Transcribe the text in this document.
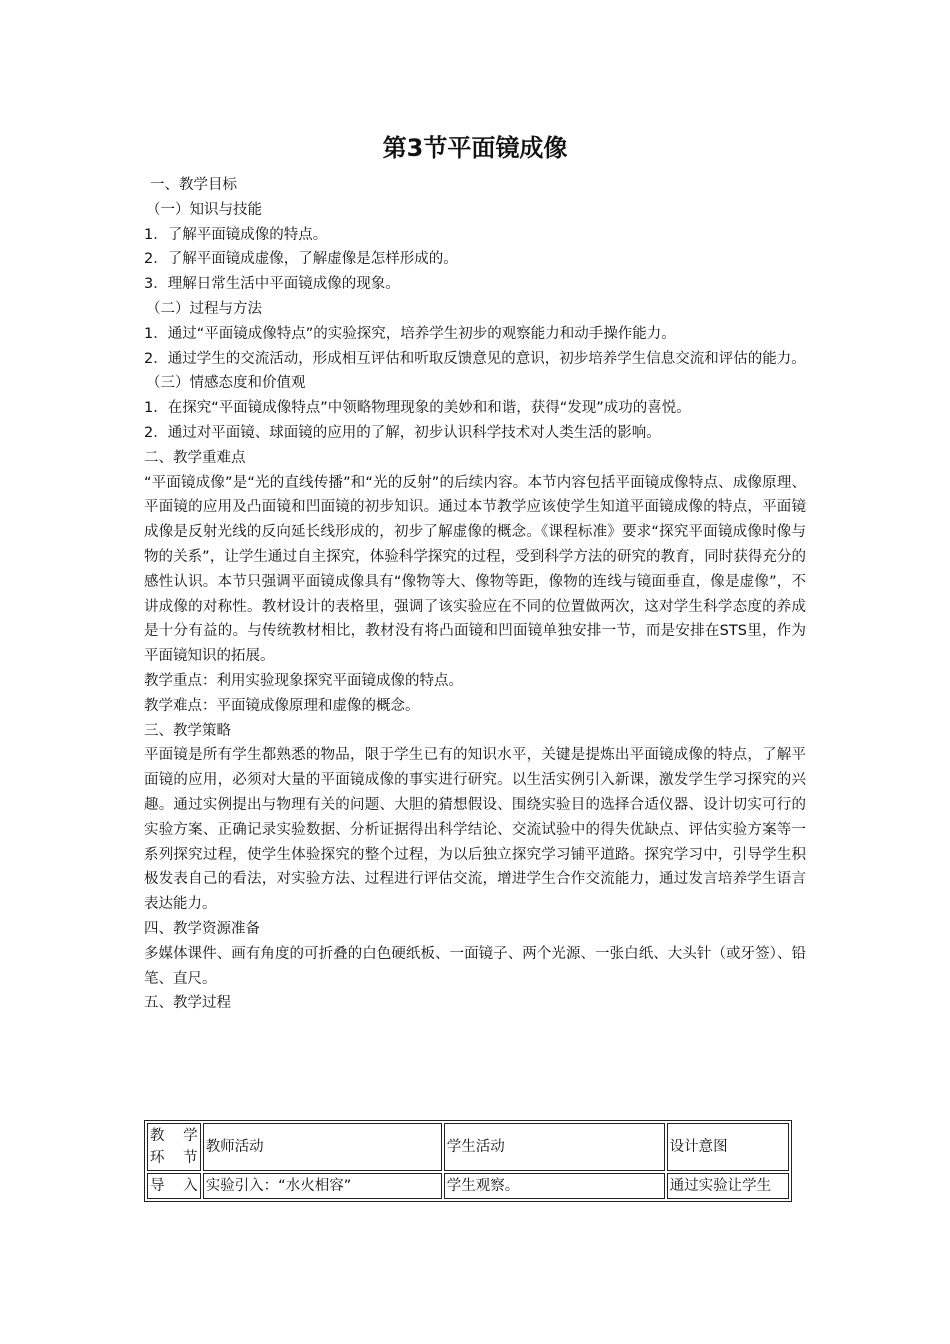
第3节平面镜成像

一、教学目标

（一）知识与技能

1．了解平面镜成像的特点。

2．了解平面镜成虚像，了解虚像是怎样形成的。

3．理解日常生活中平面镜成像的现象。

（二）过程与方法

1．通过“平面镜成像特点”的实验探究，培养学生初步的观察能力和动手操作能力。

2．通过学生的交流活动，形成相互评估和听取反馈意见的意识，初步培养学生信息交流和评估的能力。

（三）情感态度和价值观

1．在探究“平面镜成像特点”中领略物理现象的美妙和和谐，获得“发现”成功的喜悦。

2．通过对平面镜、球面镜的应用的了解，初步认识科学技术对人类生活的影响。

二、教学重难点

“平面镜成像”是“光的直线传播”和“光的反射”的后续内容。本节内容包括平面镜成像特点、成像原理、平面镜的应用及凸面镜和凹面镜的初步知识。通过本节教学应该使学生知道平面镜成像的特点，平面镜成像是反射光线的反向延长线形成的，初步了解虚像的概念。《课程标准》要求“探究平面镜成像时像与物的关系”，让学生通过自主探究，体验科学探究的过程，受到科学方法的研究的教育，同时获得充分的感性认识。本节只强调平面镜成像具有“像物等大、像物等距，像物的连线与镜面垂直，像是虚像”，不讲成像的对称性。教材设计的表格里，强调了该实验应在不同的位置做两次，这对学生科学态度的养成是十分有益的。与传统教材相比，教材没有将凸面镜和凹面镜单独安排一节，而是安排在STS里，作为平面镜知识的拓展。

教学重点：利用实验现象探究平面镜成像的特点。

教学难点：平面镜成像原理和虚像的概念。

三、教学策略

平面镜是所有学生都熟悉的物品，限于学生已有的知识水平，关键是提炼出平面镜成像的特点，了解平面镜的应用，必须对大量的平面镜成像的事实进行研究。以生活实例引入新课，激发学生学习探究的兴趣。通过实例提出与物理有关的问题、大胆的猜想假设、围绕实验目的选择合适仪器、设计切实可行的实验方案、正确记录实验数据、分析证据得出科学结论、交流试验中的得失优缺点、评估实验方案等一系列探究过程，使学生体验探究的整个过程，为以后独立探究学习铺平道路。探究学习中，引导学生积极发表自己的看法，对实验方法、过程进行评估交流，增进学生合作交流能力，通过发言培养学生语言表达能力。

四、教学资源准备

多媒体课件、画有角度的可折叠的白色硬纸板、一面镜子、两个光源、一张白纸、大头针（或牙签）、铅笔、直尺。

五、教学过程

教　学
环节	教师活动	学生活动	设计意图
导　入	实验引入：“水火相容”	学生观察。	通过实验让学生
